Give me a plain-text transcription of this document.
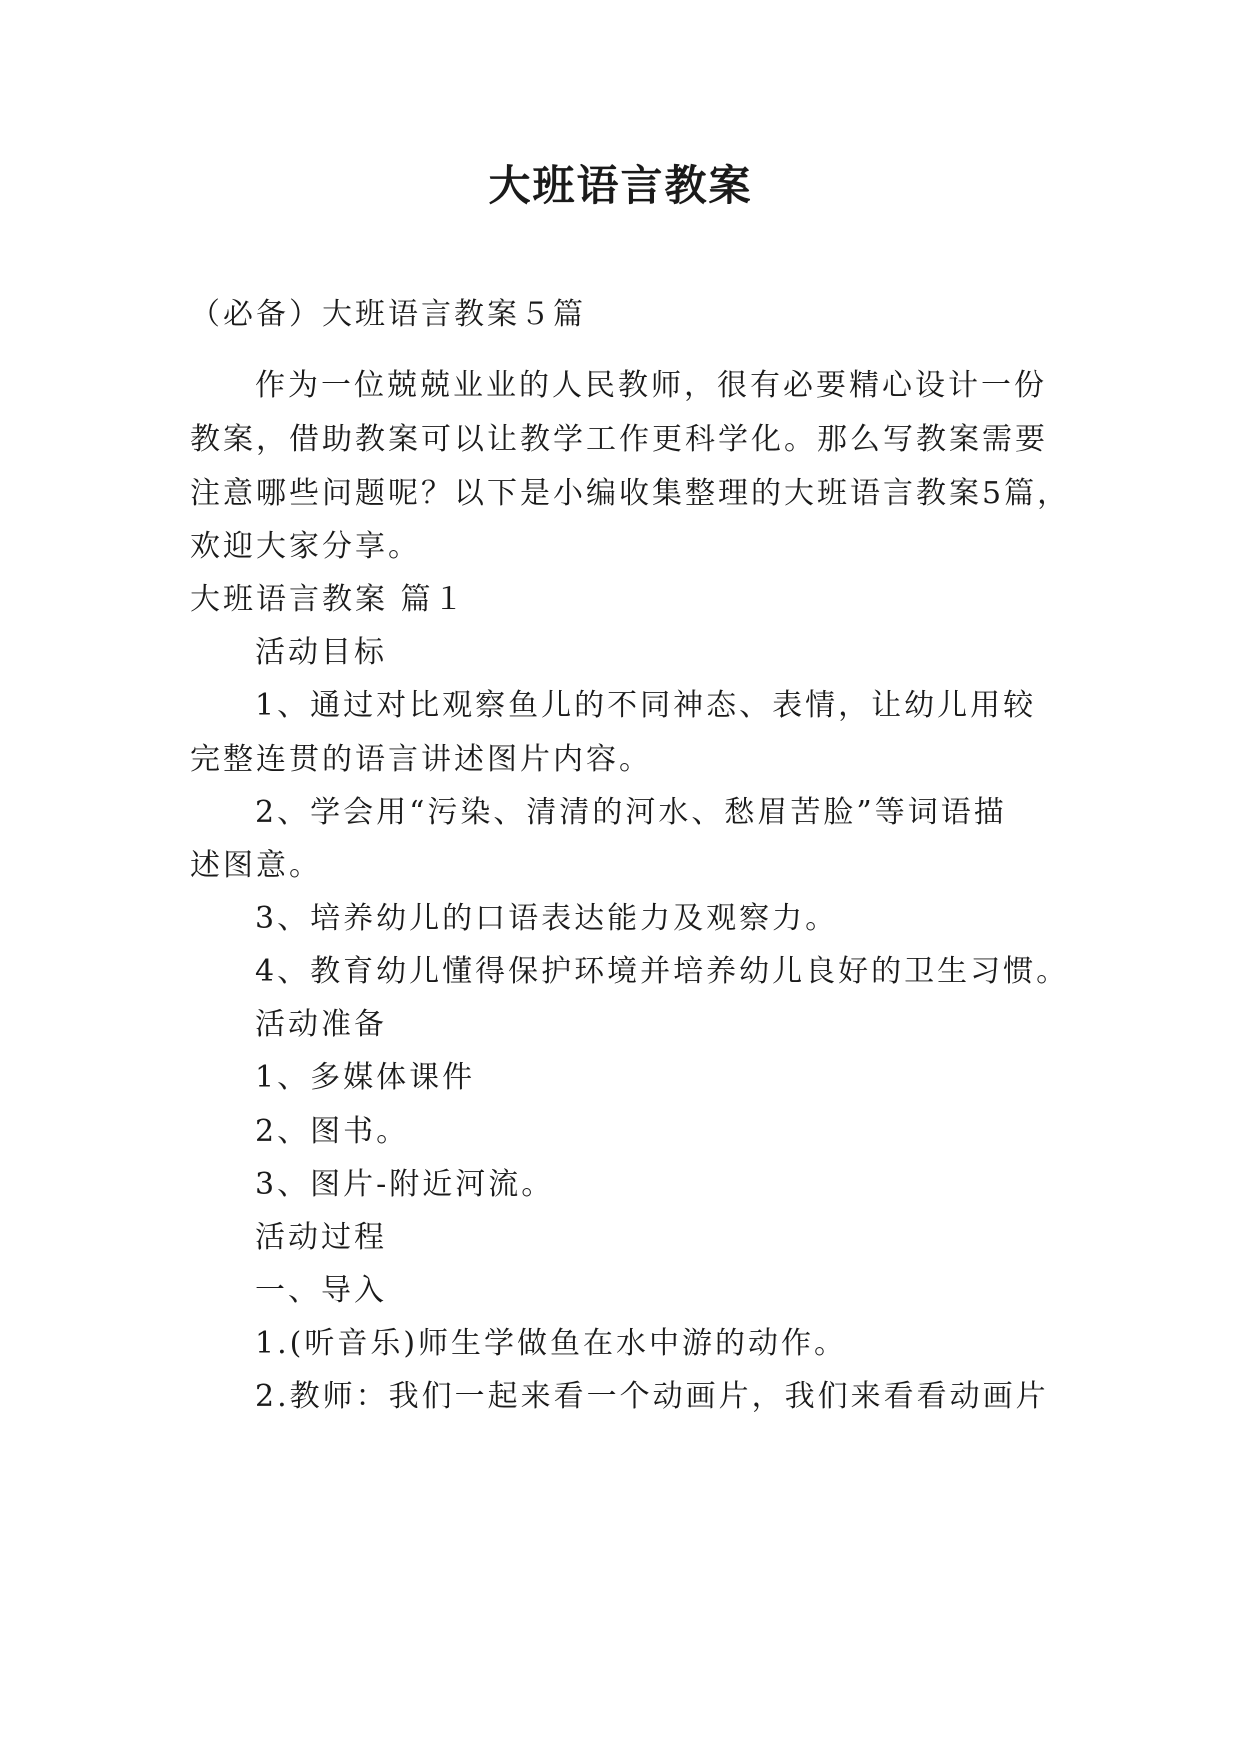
大班语言教案
（必备）大班语言教案５篇
作为一位兢兢业业的人民教师，很有必要精心设计一份
教案，借助教案可以让教学工作更科学化。那么写教案需要
注意哪些问题呢？以下是小编收集整理的大班语言教案5篇，
欢迎大家分享。
大班语言教案 篇１
活动目标
1、通过对比观察鱼儿的不同神态、表情，让幼儿用较
完整连贯的语言讲述图片内容。
2、学会用“污染、清清的河水、愁眉苦脸”等词语描
述图意。
3、培养幼儿的口语表达能力及观察力。
4、教育幼儿懂得保护环境并培养幼儿良好的卫生习惯。
活动准备
1、多媒体课件
2、图书。
3、图片-附近河流。
活动过程
一、导入
1.(听音乐)师生学做鱼在水中游的动作。
2.教师：我们一起来看一个动画片，我们来看看动画片
